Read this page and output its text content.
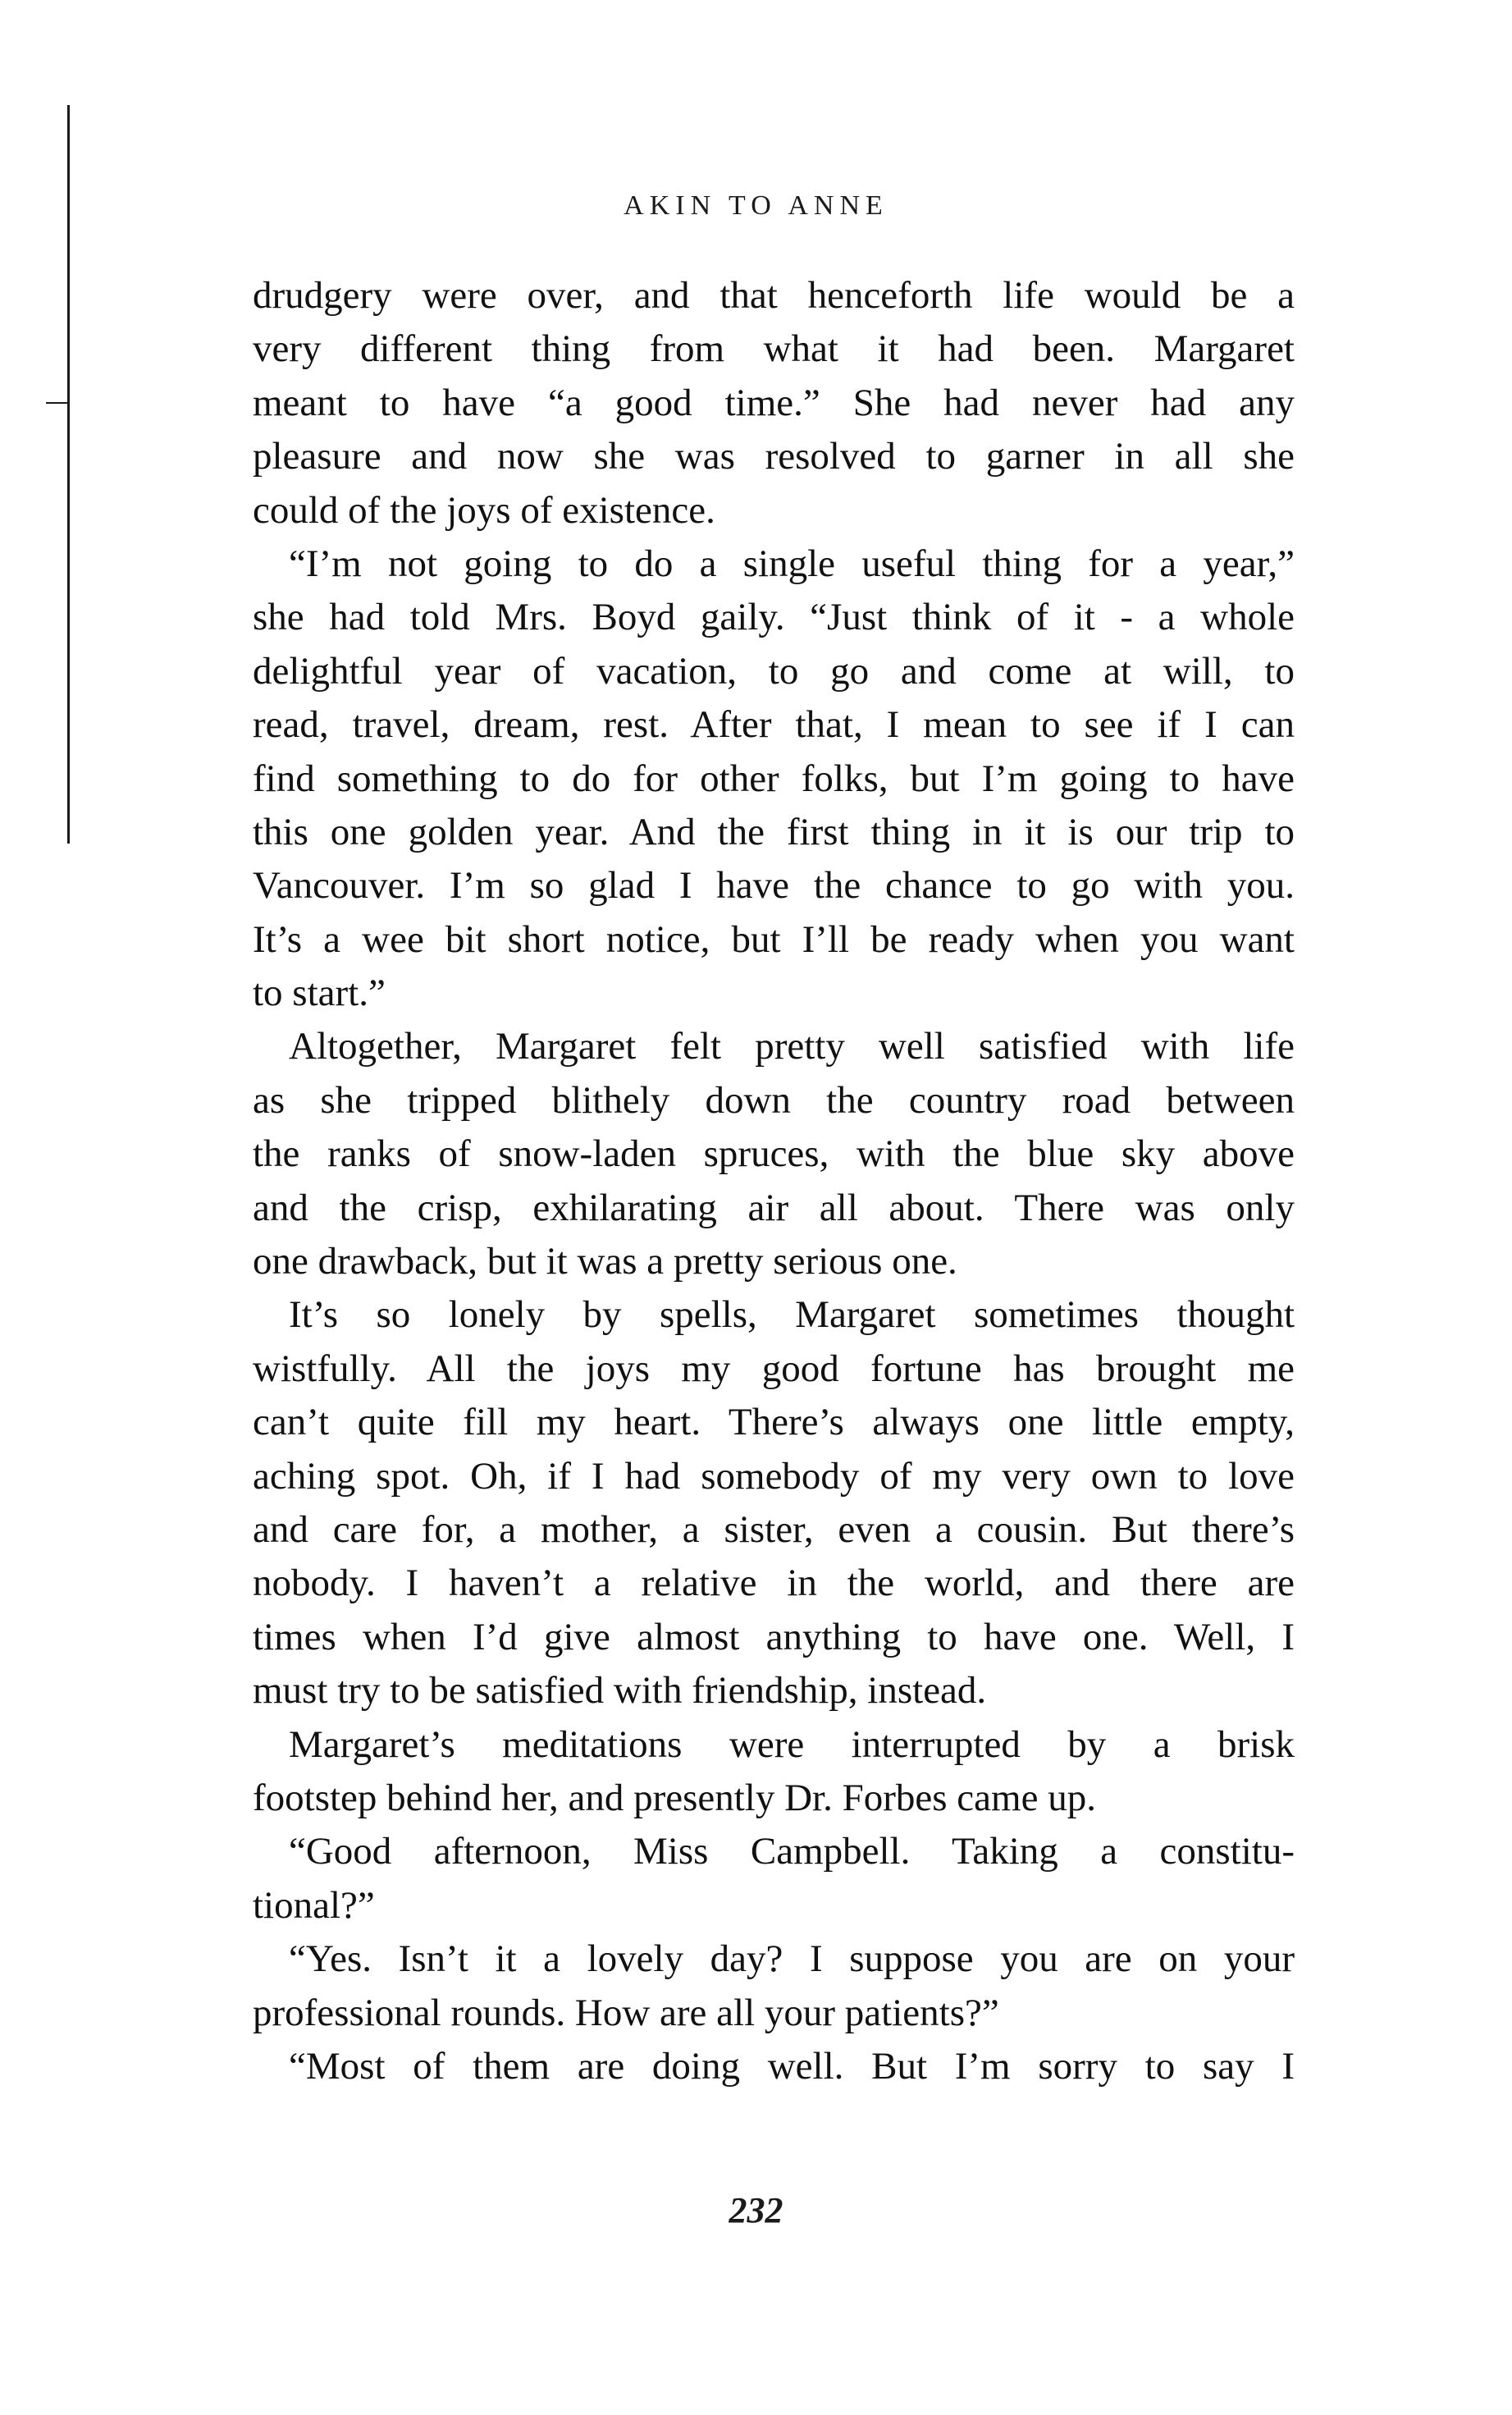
AKIN TO ANNE
drudgery were over, and that henceforth life would be a
very different thing from what it had been. Margaret
meant to have “a good time.” She had never had any
pleasure and now she was resolved to garner in all she
could of the joys of existence.
“I’m not going to do a single useful thing for a year,”
she had told Mrs. Boyd gaily. “Just think of it - a whole
delightful year of vacation, to go and come at will, to
read, travel, dream, rest. After that, I mean to see if I can
find something to do for other folks, but I’m going to have
this one golden year. And the first thing in it is our trip to
Vancouver. I’m so glad I have the chance to go with you.
It’s a wee bit short notice, but I’ll be ready when you want
to start.”
Altogether, Margaret felt pretty well satisfied with life
as she tripped blithely down the country road between
the ranks of snow-laden spruces, with the blue sky above
and the crisp, exhilarating air all about. There was only
one drawback, but it was a pretty serious one.
It’s so lonely by spells, Margaret sometimes thought
wistfully. All the joys my good fortune has brought me
can’t quite fill my heart. There’s always one little empty,
aching spot. Oh, if I had somebody of my very own to love
and care for, a mother, a sister, even a cousin. But there’s
nobody. I haven’t a relative in the world, and there are
times when I’d give almost anything to have one. Well, I
must try to be satisfied with friendship, instead.
Margaret’s meditations were interrupted by a brisk
footstep behind her, and presently Dr. Forbes came up.
“Good afternoon, Miss Campbell. Taking a constitu-
tional?”
“Yes. Isn’t it a lovely day? I suppose you are on your
professional rounds. How are all your patients?”
“Most of them are doing well. But I’m sorry to say I
232
